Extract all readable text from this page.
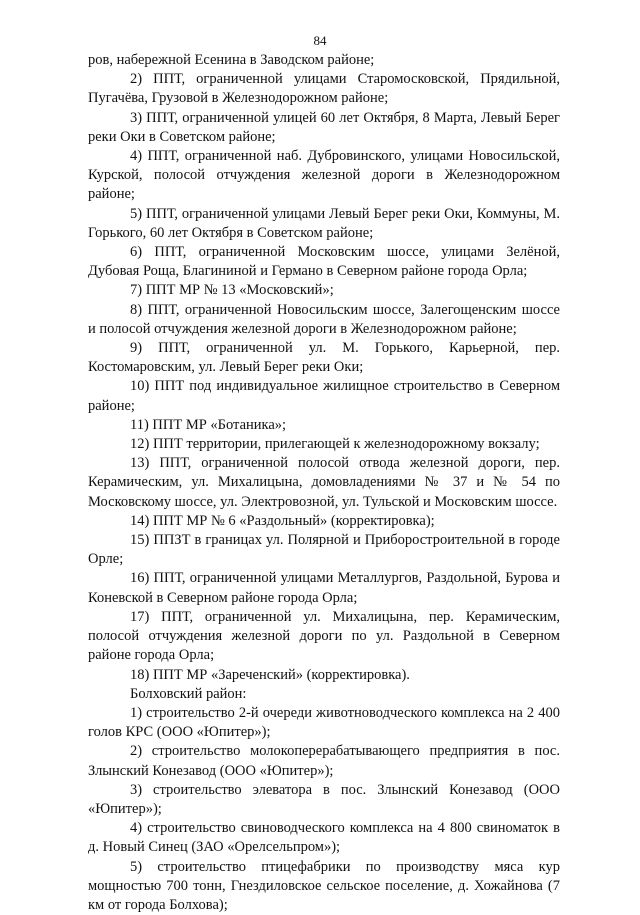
84

ров, набережной Есенина в Заводском районе;

2) ППТ, ограниченной улицами Старомосковской, Прядильной, Пугачёва, Грузовой в Железнодорожном районе;

3) ППТ, ограниченной улицей 60 лет Октября, 8 Марта, Левый Берег реки Оки в Советском районе;

4) ППТ, ограниченной наб. Дубровинского, улицами Новосильской, Курской, полосой отчуждения железной дороги в Железнодорожном районе;

5) ППТ, ограниченной улицами Левый Берег реки Оки, Коммуны, М. Горького, 60 лет Октября в Советском районе;

6) ППТ, ограниченной Московским шоссе, улицами Зелёной, Дубовая Роща, Благининой и Германо в Северном районе города Орла;

7) ППТ МР № 13 «Московский»;

8) ППТ, ограниченной Новосильским шоссе, Залегощенским шоссе и полосой отчуждения железной дороги в Железнодорожном районе;

9) ППТ, ограниченной ул. М. Горького, Карьерной, пер. Костомаровским, ул. Левый Берег реки Оки;

10) ППТ под индивидуальное жилищное строительство в Северном районе;

11) ППТ МР «Ботаника»;

12) ППТ территории, прилегающей к железнодорожному вокзалу;

13) ППТ, ограниченной полосой отвода железной дороги, пер. Керамическим, ул. Михалицына, домовладениями № 37 и № 54 по Московскому шоссе, ул. Электровозной, ул. Тульской и Московским шоссе.

14) ППТ МР № 6 «Раздольный» (корректировка);

15) ППЗТ в границах ул. Полярной и Приборостроительной в городе Орле;

16) ППТ, ограниченной улицами Металлургов, Раздольной, Бурова и Коневской в Северном районе города Орла;

17) ППТ, ограниченной ул. Михалицына, пер. Керамическим, полосой отчуждения железной дороги по ул. Раздольной в Северном районе города Орла;

18) ППТ МР «Зареченский» (корректировка).

Болховский район:

1) строительство 2-й очереди животноводческого комплекса на 2 400 голов КРС (ООО «Юпитер»);

2) строительство молокоперерабатывающего предприятия в пос. Злынский Конезавод (ООО «Юпитер»);

3) строительство элеватора в пос. Злынский Конезавод (ООО «Юпитер»);

4) строительство свиноводческого комплекса на 4 800 свиноматок в д. Новый Синец (ЗАО «Орелсельпром»);

5) строительство птицефабрики по производству мяса кур мощностью 700 тонн, Гнездиловское сельское поселение, д. Хожайнова (7 км от города Болхова);
